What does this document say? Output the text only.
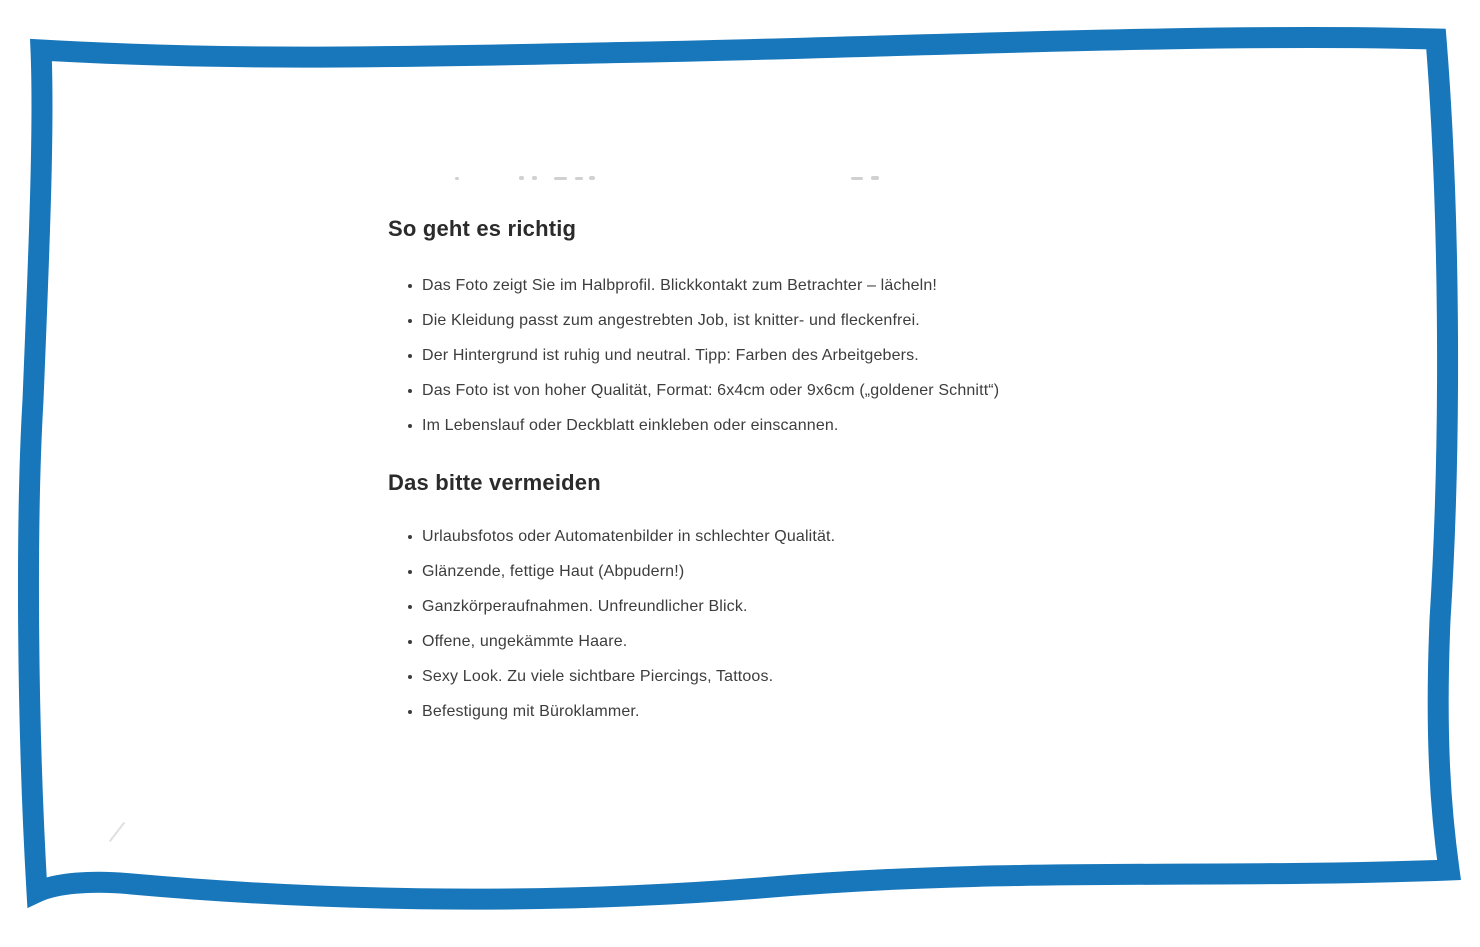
So geht es richtig
Das Foto zeigt Sie im Halbprofil. Blickkontakt zum Betrachter – lächeln!
Die Kleidung passt zum angestrebten Job, ist knitter- und fleckenfrei.
Der Hintergrund ist ruhig und neutral. Tipp: Farben des Arbeitgebers.
Das Foto ist von hoher Qualität, Format: 6x4cm oder 9x6cm („goldener Schnitt“)
Im Lebenslauf oder Deckblatt einkleben oder einscannen.
Das bitte vermeiden
Urlaubsfotos oder Automatenbilder in schlechter Qualität.
Glänzende, fettige Haut (Abpudern!)
Ganzkörperaufnahmen. Unfreundlicher Blick.
Offene, ungekämmte Haare.
Sexy Look. Zu viele sichtbare Piercings, Tattoos.
Befestigung mit Büroklammer.
